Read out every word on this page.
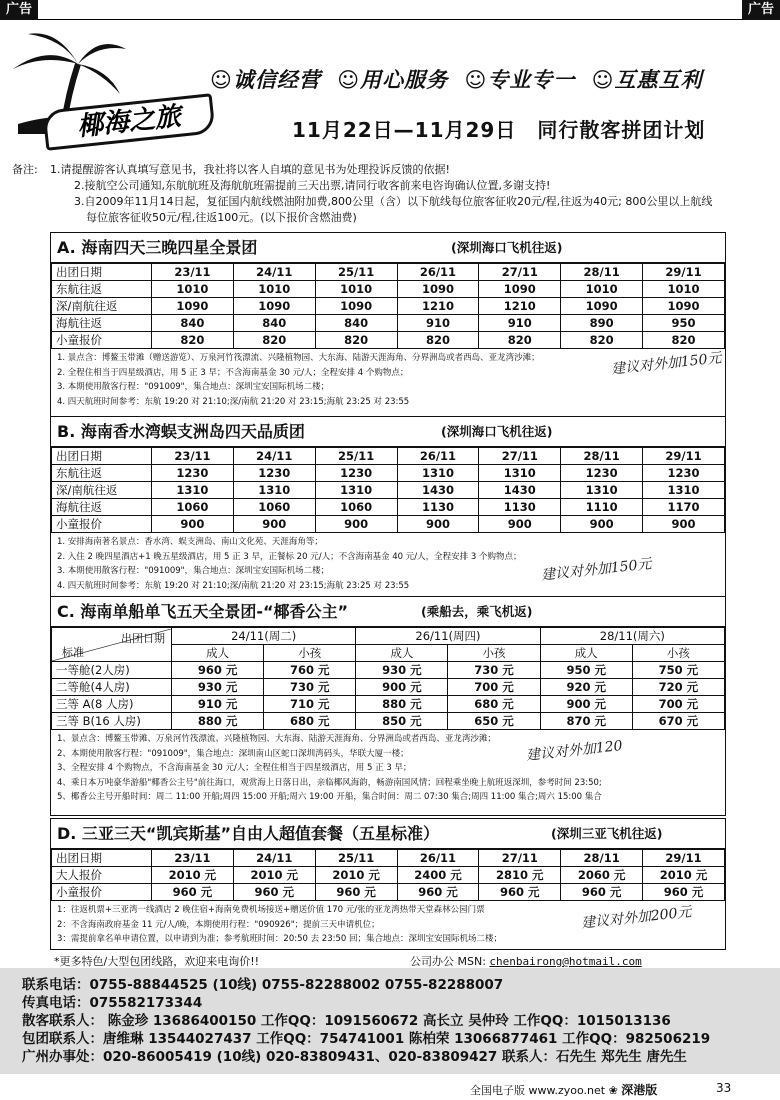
广告	广告
椰海之旅
☺诚信经营 ☺用心服务 ☺专业专一 ☺互惠互利
11月22日—11月29日　同行散客拼团计划
备注: 1.请提醒游客认真填写意见书，我社将以客人自填的意见书为处理投诉反馈的依据!
2.接航空公司通知,东航航班及海航航班需提前三天出票,请同行收客前来电咨询确认位置,多谢支持!
3.自2009年11月14日起，复征国内航线燃油附加费,800公里（含）以下航线每位旅客征收20元/程,往返为40元; 800公里以上航线
每位旅客征收50元/程,往返100元。(以下报价含燃油费)
A. 海南四天三晚四星全景团	(深圳海口飞机往返)
出团日期	23/11	24/11	25/11	26/11	27/11	28/11	29/11
东航往返	1010	1010	1010	1090	1090	1010	1010
深/南航往返	1090	1090	1090	1210	1210	1090	1090
海航往返	840	840	840	910	910	890	950
小童报价	820	820	820	820	820	820	820
1. 景点含：博鳌玉带滩（赠送游览）、万泉河竹筏漂流、兴隆植物园、大东海、陆游天涯海角、分界洲岛或者西岛、亚龙湾沙滩；
2. 全程住相当于四星级酒店，用 5 正 3 早；不含海南基金 30 元/人；全程安排 4 个购物点；
3. 本期使用散客行程："091009"，集合地点：深圳宝安国际机场二楼；
4. 四天航班时间参考：东航 19:20 对 21:10;深/南航 21:20 对 23:15;海航 23:25 对 23:55
建议对外加150元
B. 海南香水湾蜈支洲岛四天品质团	(深圳海口飞机往返)
出团日期	23/11	24/11	25/11	26/11	27/11	28/11	29/11
东航往返	1230	1230	1230	1310	1310	1230	1230
深/南航往返	1310	1310	1310	1430	1430	1310	1310
海航往返	1060	1060	1060	1130	1130	1110	1170
小童报价	900	900	900	900	900	900	900
1. 安排海南著名景点：香水湾、蜈支洲岛、南山文化苑、天涯海角等；
2. 入住 2 晚四星酒店+1 晚五星级酒店，用 5 正 3 早，正餐标 20 元/人；不含海南基金 40 元/人，全程安排 3 个购物点；
3. 本期使用散客行程："091009"，集合地点：深圳宝安国际机场二楼；
4. 四天航班时间参考：东航 19:20 对 21:10;深/南航 21:20 对 23:15;海航 23:25 对 23:55
建议对外加150元
C. 海南单船单飞五天全景团-“椰香公主”	(乘船去，乘飞机返)
出团日期
标准	24/11(周二)		26/11(周四)		28/11(周六)	
	成人	小孩	成人	小孩	成人	小孩
一等舱(2人房)	960 元	760 元	930 元	730 元	950 元	750 元
二等舱(4人房)	930 元	730 元	900 元	700 元	920 元	720 元
三等 A(8 人房)	910 元	710 元	880 元	680 元	900 元	700 元
三等 B(16 人房)	880 元	680 元	850 元	650 元	870 元	670 元
1、景点含：博鳌玉带滩、万泉河竹筏漂流、兴隆植物园、大东海、陆游天涯海角、分界洲岛或者西岛、亚龙湾沙滩；
2、本期使用散客行程："091009"，集合地点：深圳南山区蛇口深圳湾码头，华联大厦一楼；
3、全程安排 4 个购物点，不含海南基金 30 元/人；全程住相当于四星级酒店，用 5 正 3 早；
4、乘日本万吨豪华游船"椰香公主号"前往海口，观赏海上日落日出，亲临椰风海韵，畅游南国风情；回程乘坐晚上航班返深圳，参考时间 23:50;
5、椰香公主号开船时间：周二 11:00 开船;周四 15:00 开船;周六 19:00 开船，集合时间：周二 07:30 集合;周四 11:00 集合;周六 15:00 集合
建议对外加120
D. 三亚三天“凯宾斯基”自由人超值套餐（五星标准）	(深圳三亚飞机往返)
出团日期	23/11	24/11	25/11	26/11	27/11	28/11	29/11
大人报价	2010 元	2010 元	2010 元	2400 元	2810 元	2060 元	2010 元
小童报价	960 元	960 元	960 元	960 元	960 元	960 元	960 元
1：往返机票+三亚湾一线酒店 2 晚住宿+海南免费机场接送+赠送价值 170 元/张的亚龙湾热带天堂森林公园门票
2：不含海南政府基金 11 元/人/晚，本期使用行程："090926"；提前三天申请机位；
3：需提前拿名单申请位置，以申请到为准；参考航班时间：20:50 去 23:50 回；集合地点：深圳宝安国际机场二楼；
建议对外加200元
*更多特色/大型包团线路，欢迎来电询价!!	公司办公 MSN: chenbairong@hotmail.com
联系电话：0755-88844525 (10线) 0755-82288002 0755-82288007
传真电话：075582173344
散客联系人： 陈金珍 13686400150 工作QQ：1091560672 高长立 吴仲玲 工作QQ：1015013136
包团联系人：唐维琳 13544027437 工作QQ：754741001 陈柏荣 13066877461 工作QQ：982506219
广州办事处：020-86005419 (10线) 020-83809431、020-83809427 联系人：石先生 郑先生 唐先生
全国电子版 www.zyoo.net ❀ 深港版	33
